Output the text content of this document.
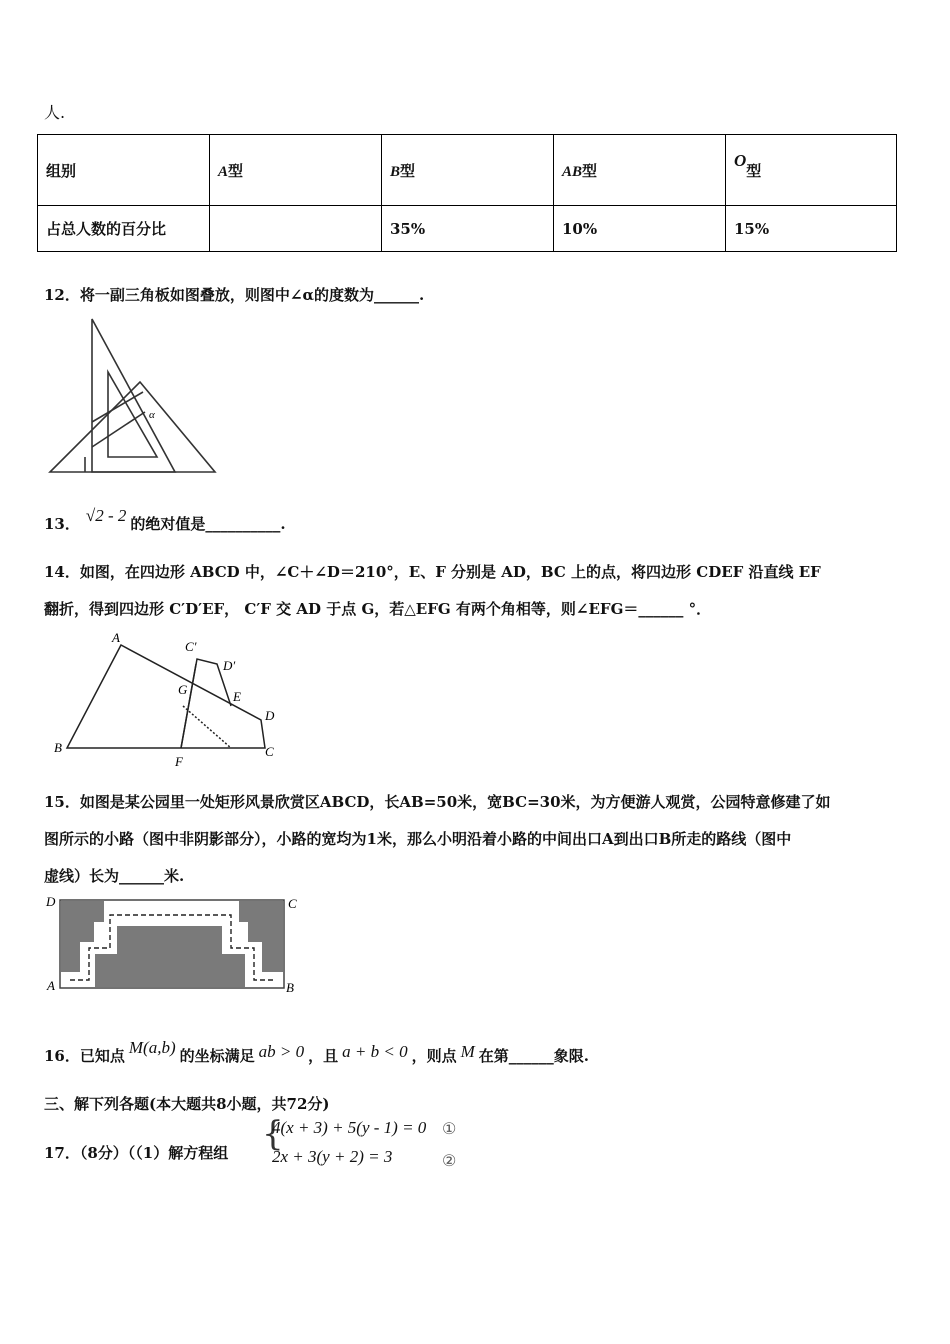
人.
组别	A型	B型	AB型	O型
占总人数的百分比		35%	10%	15%
12．将一副三角板如图叠放，则图中∠α的度数为______.
α
13． √2 - 2 的绝对值是__________.
14．如图，在四边形 ABCD 中，∠C＋∠D＝210°，E、F 分别是 AD，BC 上的点，将四边形 CDEF 沿直线 EF
翻折，得到四边形 C′D′EF， C′F 交 AD 于点 G，若△EFG 有两个角相等，则∠EFG＝______ °．
A
B	C
D
E
F
G
C′
D′
15．如图是某公园里一处矩形风景欣赏区ABCD，长AB=50米，宽BC=30米，为方便游人观赏，公园特意修建了如
图所示的小路（图中非阴影部分），小路的宽均为1米，那么小明沿着小路的中间出口A到出口B所走的路线（图中
虚线）长为______米.
D	C
A	B
16．已知点 M(a,b) 的坐标满足 ab > 0 ，且 a + b < 0 ，则点 M 在第______象限.
三、解下列各题(本大题共8小题，共72分)
17．（8分）（（1）解方程组 {
4(x + 3) + 5(y - 1) = 0
2x + 3(y + 2) = 3
①
②
